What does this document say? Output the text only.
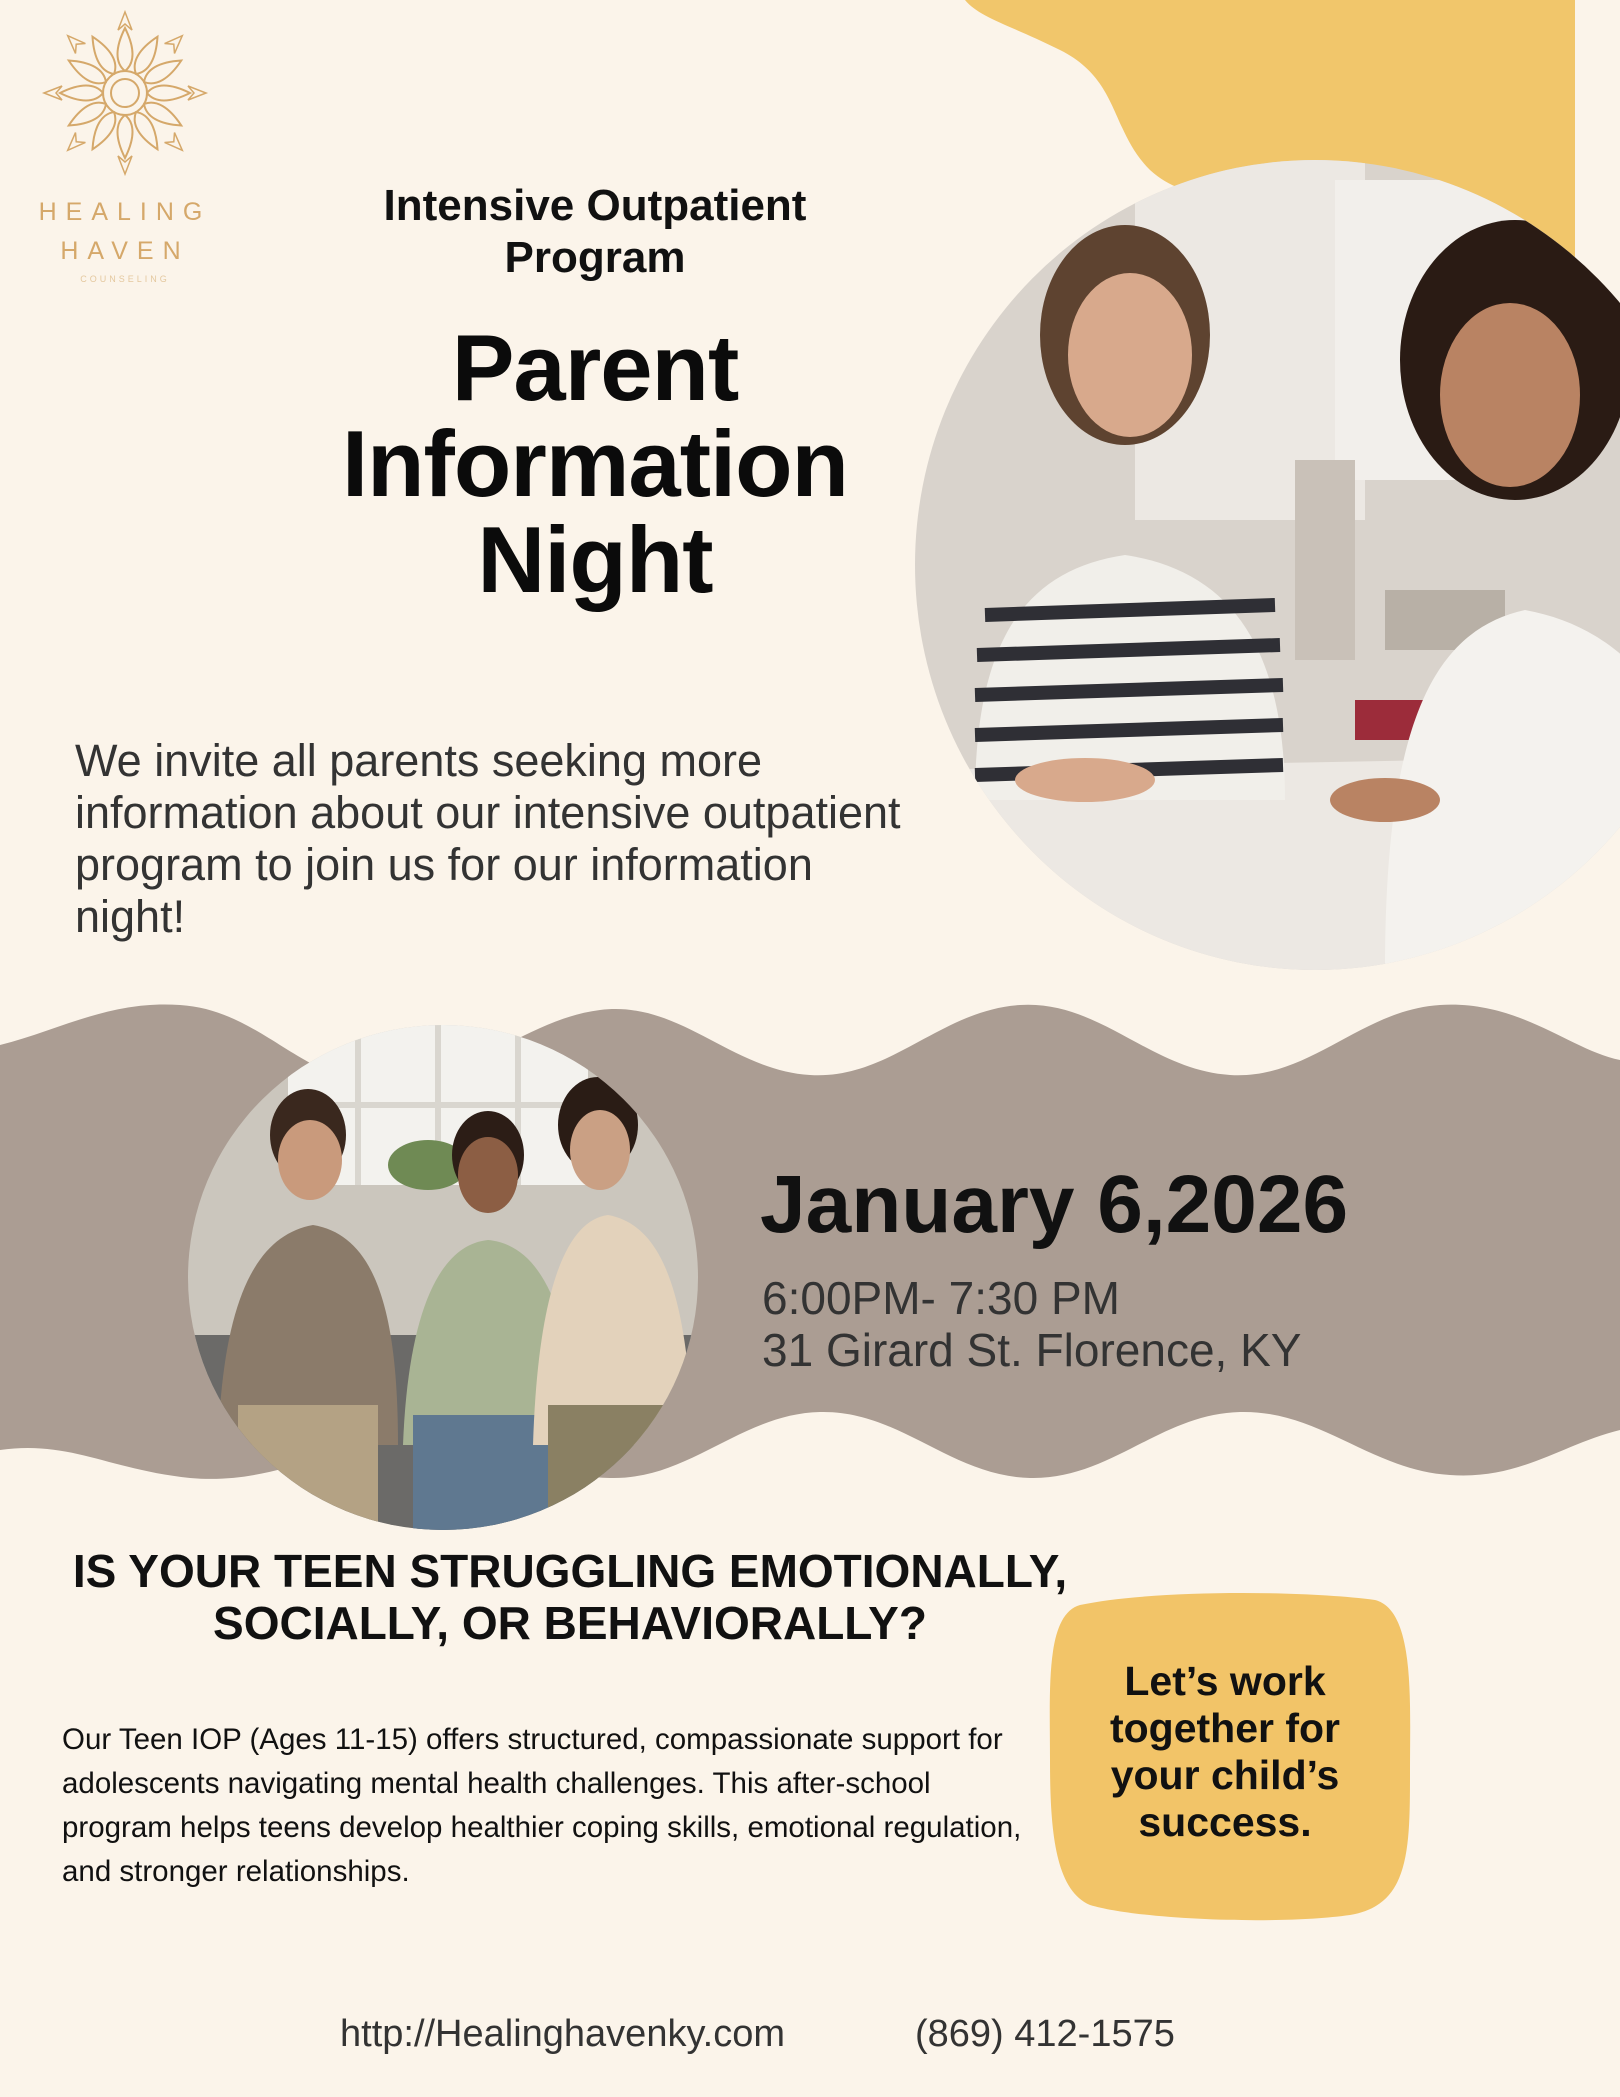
HEALING
HAVEN
COUNSELING
Intensive Outpatient Program
Parent
Information
Night
We invite all parents seeking more information about our intensive outpatient program to join us for our information night!
January 6,2026
6:00PM- 7:30 PM
31 Girard St. Florence, KY
IS YOUR TEEN STRUGGLING EMOTIONALLY,
SOCIALLY, OR BEHAVIORALLY?
Our Teen IOP (Ages 11-15) offers structured, compassionate support for adolescents navigating mental health challenges. This after-school program helps teens develop healthier coping skills, emotional regulation, and stronger relationships.
Let’s work
together for
your child’s
success.
http://Healinghavenky.com	(869) 412-1575
